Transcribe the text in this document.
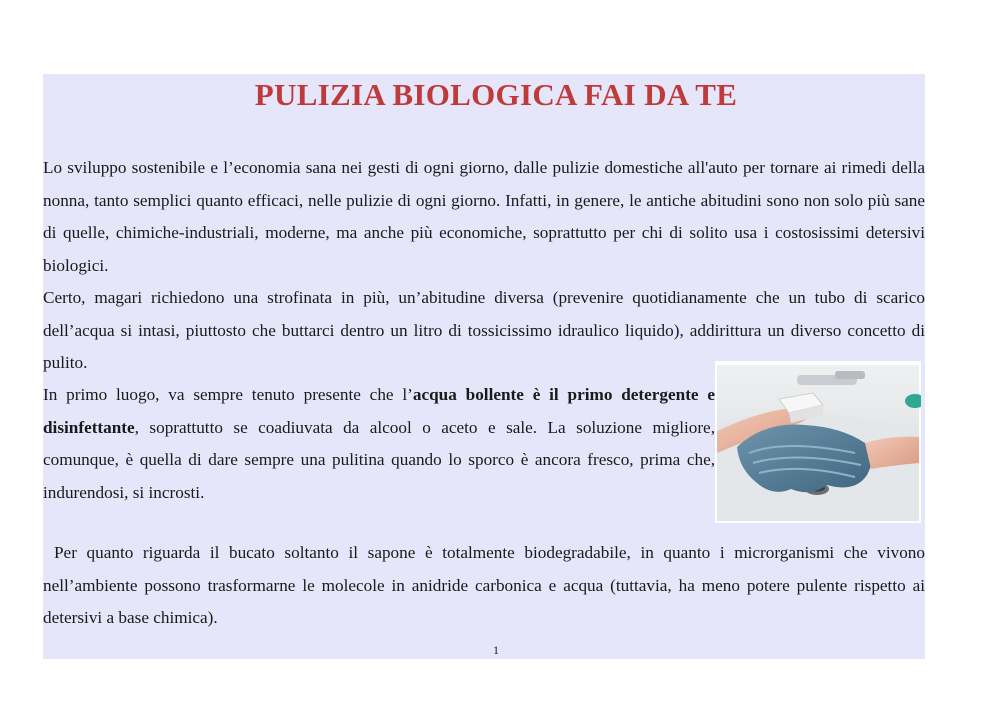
PULIZIA BIOLOGICA FAI DA TE

Lo sviluppo sostenibile e l’economia sana nei gesti di ogni giorno, dalle pulizie domestiche all'auto per tornare ai rimedi della nonna, tanto semplici quanto efficaci, nelle pulizie di ogni giorno. Infatti, in genere, le antiche abitudini sono non solo più sane di quelle, chimiche-industriali, moderne, ma anche più economiche, soprattutto per chi di solito usa i costosissimi detersivi biologici.

Certo, magari richiedono una strofinata in più, un’abitudine diversa (prevenire quotidianamente che un tubo di scarico dell’acqua si intasi, piuttosto che buttarci dentro un litro di tossicissimo idraulico liquido), addirittura un diverso concetto di pulito.

In primo luogo, va sempre tenuto presente che l’acqua bollente è il primo detergente e disinfettante, soprattutto se coadiuvata da alcool o aceto e sale. La soluzione migliore, comunque, è quella di dare sempre una pulitina quando lo sporco è ancora fresco, prima che, indurendosi, si incrosti.

Per quanto riguarda il bucato soltanto il sapone è totalmente biodegradabile, in quanto i microrganismi che vivono nell’ambiente possono trasformarne le molecole in anidride carbonica e acqua (tuttavia, ha meno potere pulente rispetto ai detersivi a base chimica).

1
